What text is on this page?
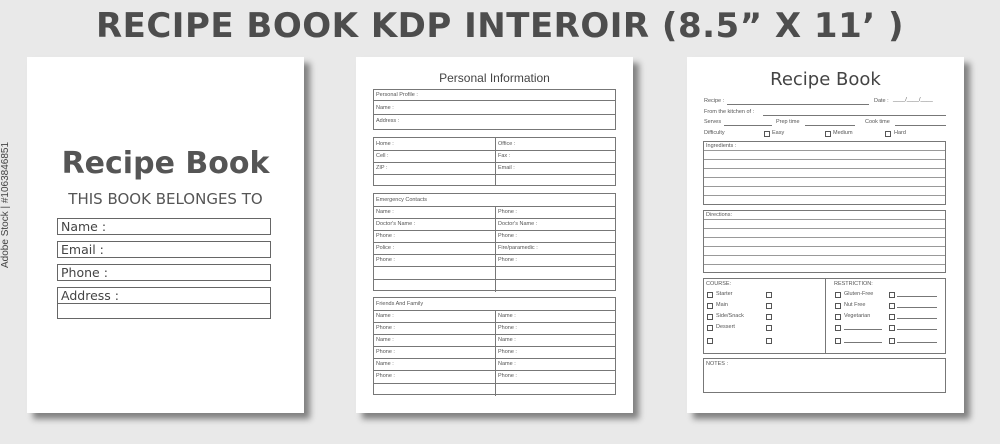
RECIPE BOOK KDP INTEROIR (8.5” X 11’ )
Adobe Stock | #1063846851	Recipe Book
THIS BOOK BELONGES TO
Name :
Email :
Phone :
Address :
Personal Information
Personal Profile :
Name :
Address :
Home :	Office :
Cell :	Fax :
ZIP :	Email :
Emergency Contacts
Name :	Phone :
Doctor's Name :	Doctor's Name :
Phone :	Phone :
Police :	Fire/paramedic :
Phone :	Phone :
Friends And Family
Name :	Name :
Phone :	Phone :
Name :	Name :
Phone :	Phone :
Name :	Name :
Phone :	Phone :
Recipe Book
Recipe :	Date : ____/____/____
From the kitchen of :
Serves	Prep time	Cook time
Difficulty	Easy	Medium	Hard
Ingredients :
Directions:
COURSE:
Starter
Main
Side/Snack
Dessert
RESTRICTION:
Gluten-Free
Nut Free
Vegetarian
NOTES :
